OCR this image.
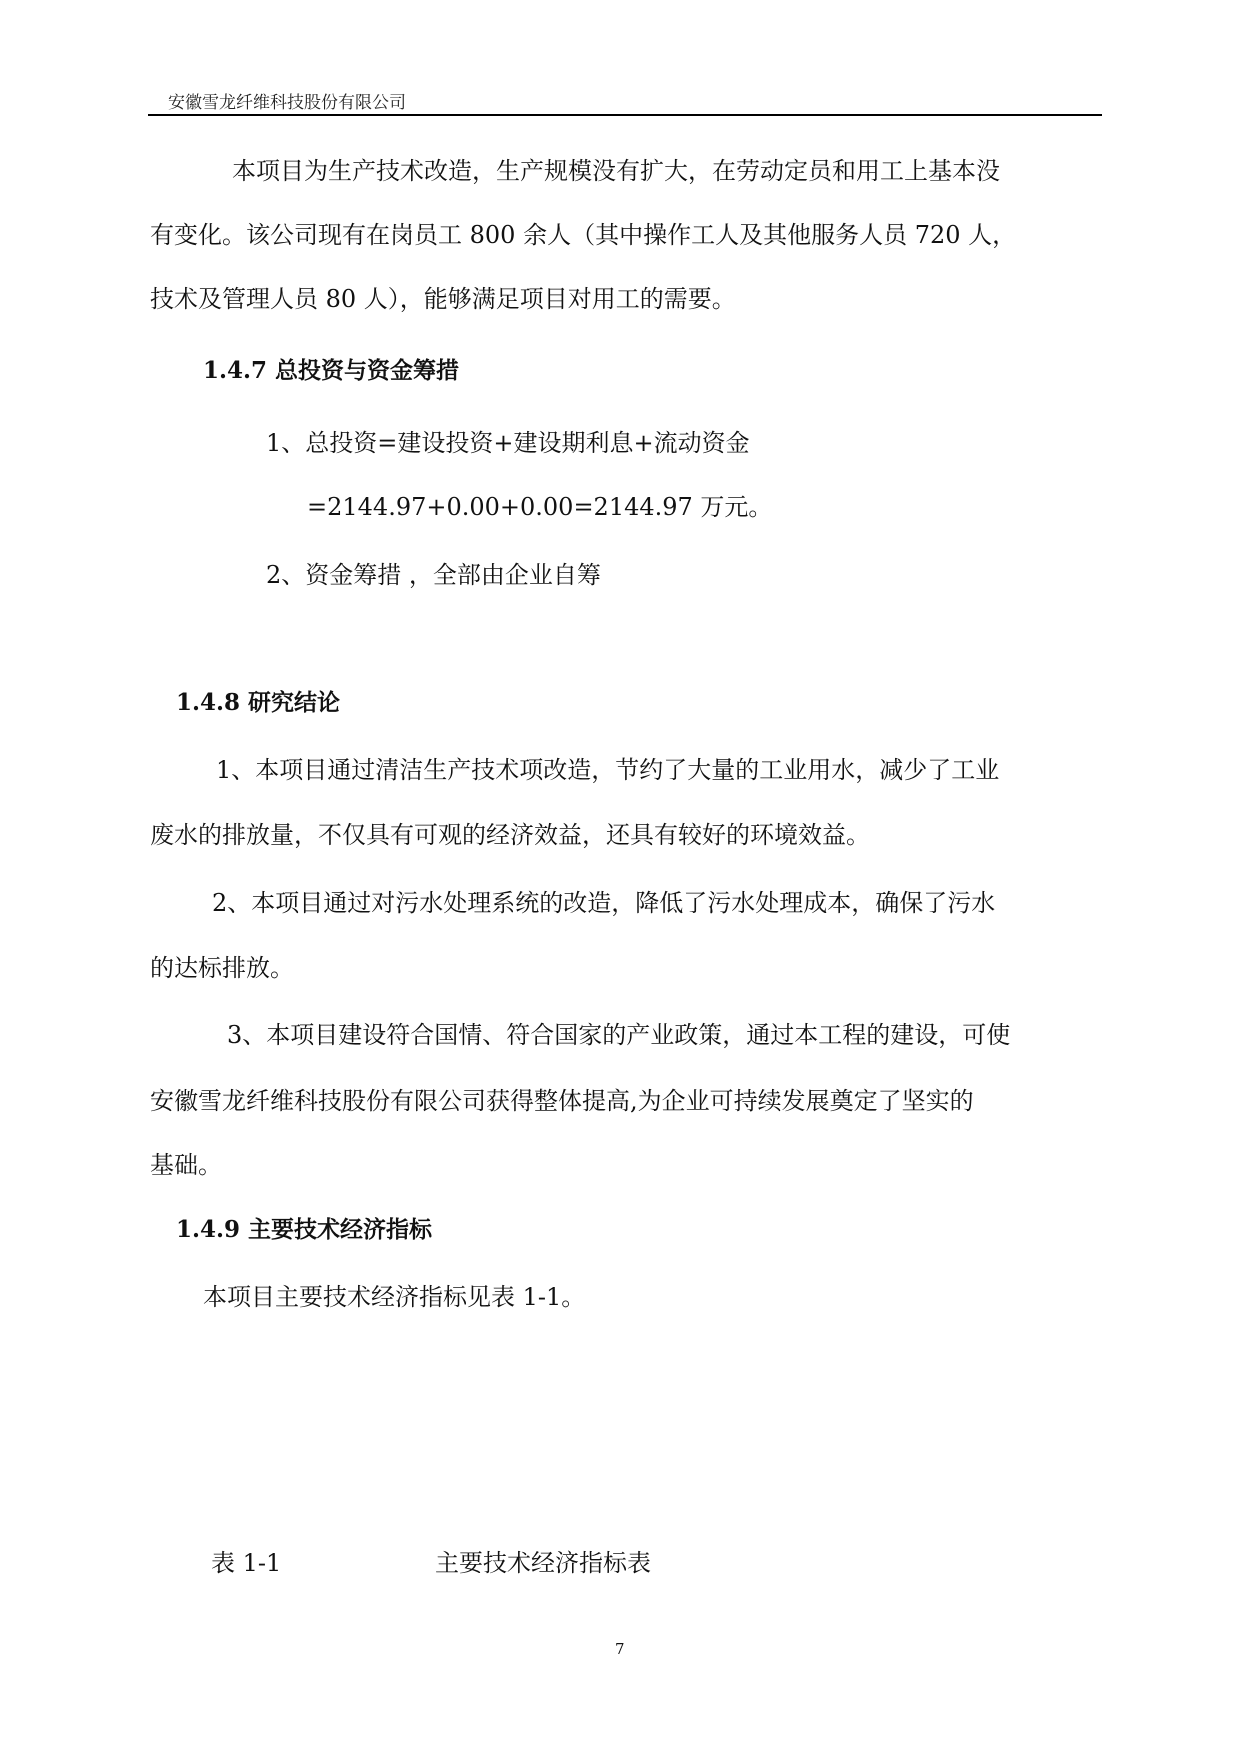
安徽雪龙纤维科技股份有限公司
本项目为生产技术改造，生产规模没有扩大，在劳动定员和用工上基本没
有变化。该公司现有在岗员工 800 余人（其中操作工人及其他服务人员 720 人，
技术及管理人员 80 人），能够满足项目对用工的需要。
1.4.7 总投资与资金筹措
1、总投资=建设投资+建设期利息+流动资金
=2144.97+0.00+0.00=2144.97 万元。
2、资金筹措 ，全部由企业自筹
1.4.8 研究结论
1、本项目通过清洁生产技术项改造，节约了大量的工业用水，减少了工业
废水的排放量，不仅具有可观的经济效益，还具有较好的环境效益。
2、本项目通过对污水处理系统的改造，降低了污水处理成本，确保了污水
的达标排放。
3、本项目建设符合国情、符合国家的产业政策，通过本工程的建设，可使
安徽雪龙纤维科技股份有限公司获得整体提高,为企业可持续发展奠定了坚实的
基础。
1.4.9 主要技术经济指标
本项目主要技术经济指标见表 1-1。
表 1-1	主要技术经济指标表
7
